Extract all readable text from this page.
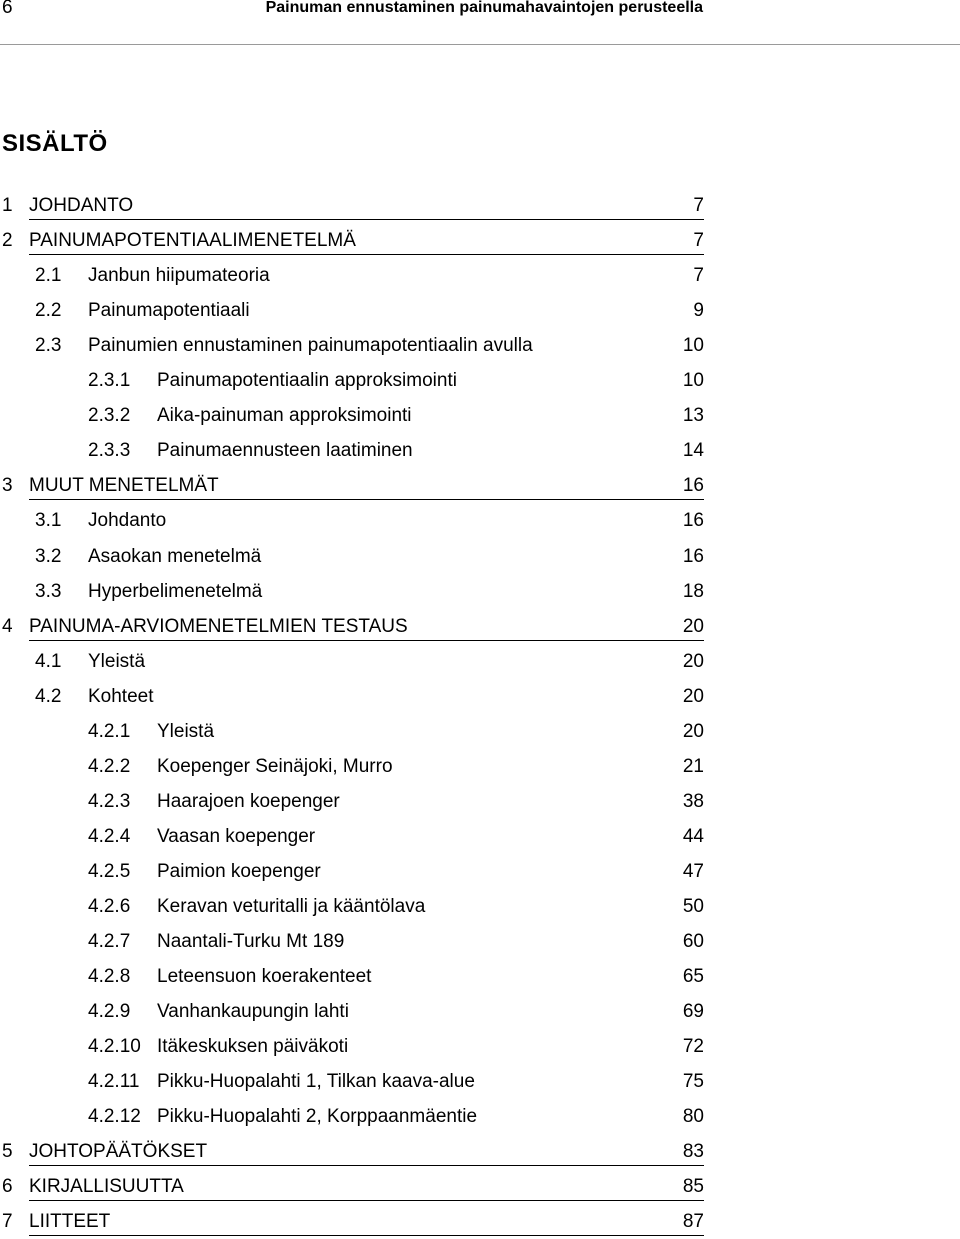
6	Painuman ennustaminen painumahavaintojen perusteella
SISÄLTÖ
1 JOHDANTO	7
2 PAINUMAPOTENTIAALIMENETELMÄ	7
2.1 Janbun hiipumateoria	7
2.2 Painumapotentiaali	9
2.3 Painumien ennustaminen painumapotentiaalin avulla	10
2.3.1 Painumapotentiaalin approksimointi	10
2.3.2 Aika-painuman approksimointi	13
2.3.3 Painumaennusteen laatiminen	14
3 MUUT MENETELMÄT	16
3.1 Johdanto	16
3.2 Asaokan menetelmä	16
3.3 Hyperbelimenetelmä	18
4 PAINUMA-ARVIOMENETELMIEN TESTAUS	20
4.1 Yleistä	20
4.2 Kohteet	20
4.2.1 Yleistä	20
4.2.2 Koepenger Seinäjoki, Murro	21
4.2.3 Haarajoen koepenger	38
4.2.4 Vaasan koepenger	44
4.2.5 Paimion koepenger	47
4.2.6 Keravan veturitalli ja kääntölava	50
4.2.7 Naantali-Turku Mt 189	60
4.2.8 Leteensuon koerakenteet	65
4.2.9 Vanhankaupungin lahti	69
4.2.10 Itäkeskuksen päiväkoti	72
4.2.11 Pikku-Huopalahti 1, Tilkan kaava-alue	75
4.2.12 Pikku-Huopalahti 2, Korppaanmäentie	80
5 JOHTOPÄÄTÖKSET	83
6 KIRJALLISUUTTA	85
7 LIITTEET	87
